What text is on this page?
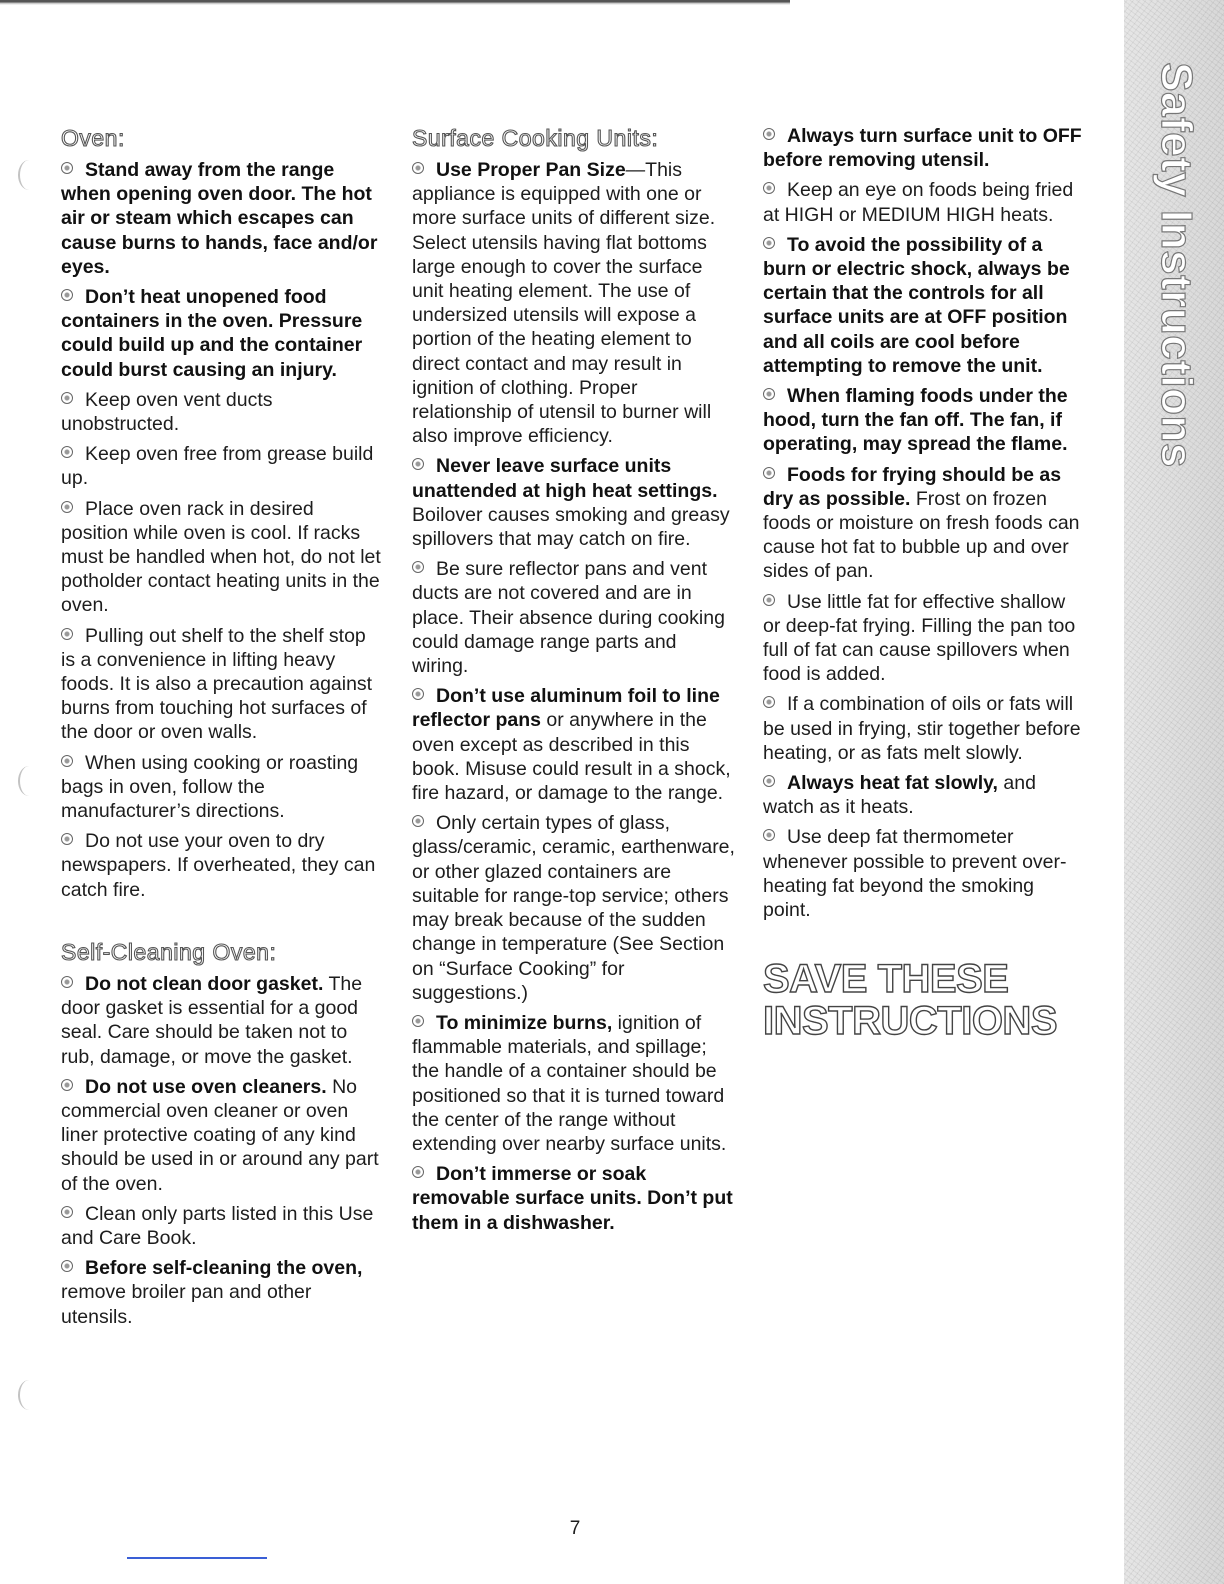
Oven:

Stand away from the range when opening oven door. The hot air or steam which escapes can cause burns to hands, face and/or eyes.

Don’t heat unopened food containers in the oven. Pressure could build up and the container could burst causing an injury.

Keep oven vent ducts unobstructed.

Keep oven free from grease build up.

Place oven rack in desired position while oven is cool. If racks must be handled when hot, do not let potholder contact heating units in the oven.

Pulling out shelf to the shelf stop is a convenience in lifting heavy foods. It is also a precaution against burns from touching hot surfaces of the door or oven walls.

When using cooking or roasting bags in oven, follow the manufacturer’s directions.

Do not use your oven to dry newspapers. If overheated, they can catch fire.

Self-Cleaning Oven:

Do not clean door gasket. The door gasket is essential for a good seal. Care should be taken not to rub, damage, or move the gasket.

Do not use oven cleaners. No commercial oven cleaner or oven liner protective coating of any kind should be used in or around any part of the oven.

Clean only parts listed in this Use and Care Book.

Before self-cleaning the oven, remove broiler pan and other utensils.

Surface Cooking Units:

Use Proper Pan Size—This appliance is equipped with one or more surface units of different size. Select utensils having flat bottoms large enough to cover the surface unit heating element. The use of undersized utensils will expose a portion of the heating element to direct contact and may result in ignition of clothing. Proper relationship of utensil to burner will also improve efficiency.

Never leave surface units unattended at high heat settings. Boilover causes smoking and greasy spillovers that may catch on fire.

Be sure reflector pans and vent ducts are not covered and are in place. Their absence during cooking could damage range parts and wiring.

Don’t use aluminum foil to line reflector pans or anywhere in the oven except as described in this book. Misuse could result in a shock, fire hazard, or damage to the range.

Only certain types of glass, glass/ceramic, ceramic, earthenware, or other glazed containers are suitable for range-top service; others may break because of the sudden change in temperature (See Section on “Surface Cooking” for suggestions.)

To minimize burns, ignition of flammable materials, and spillage; the handle of a container should be positioned so that it is turned toward the center of the range without extending over nearby surface units.

Don’t immerse or soak removable surface units. Don’t put them in a dishwasher.

Always turn surface unit to OFF before removing utensil.

Keep an eye on foods being fried at HIGH or MEDIUM HIGH heats.

To avoid the possibility of a burn or electric shock, always be certain that the controls for all surface units are at OFF position and all coils are cool before attempting to remove the unit.

When flaming foods under the hood, turn the fan off. The fan, if operating, may spread the flame.

Foods for frying should be as dry as possible. Frost on frozen foods or moisture on fresh foods can cause hot fat to bubble up and over sides of pan.

Use little fat for effective shallow or deep-fat frying. Filling the pan too full of fat can cause spillovers when food is added.

If a combination of oils or fats will be used in frying, stir together before heating, or as fats melt slowly.

Always heat fat slowly, and watch as it heats.

Use deep fat thermometer whenever possible to prevent over-heating fat beyond the smoking point.

SAVE THESE
INSTRUCTIONS
Safety Instructions
7
